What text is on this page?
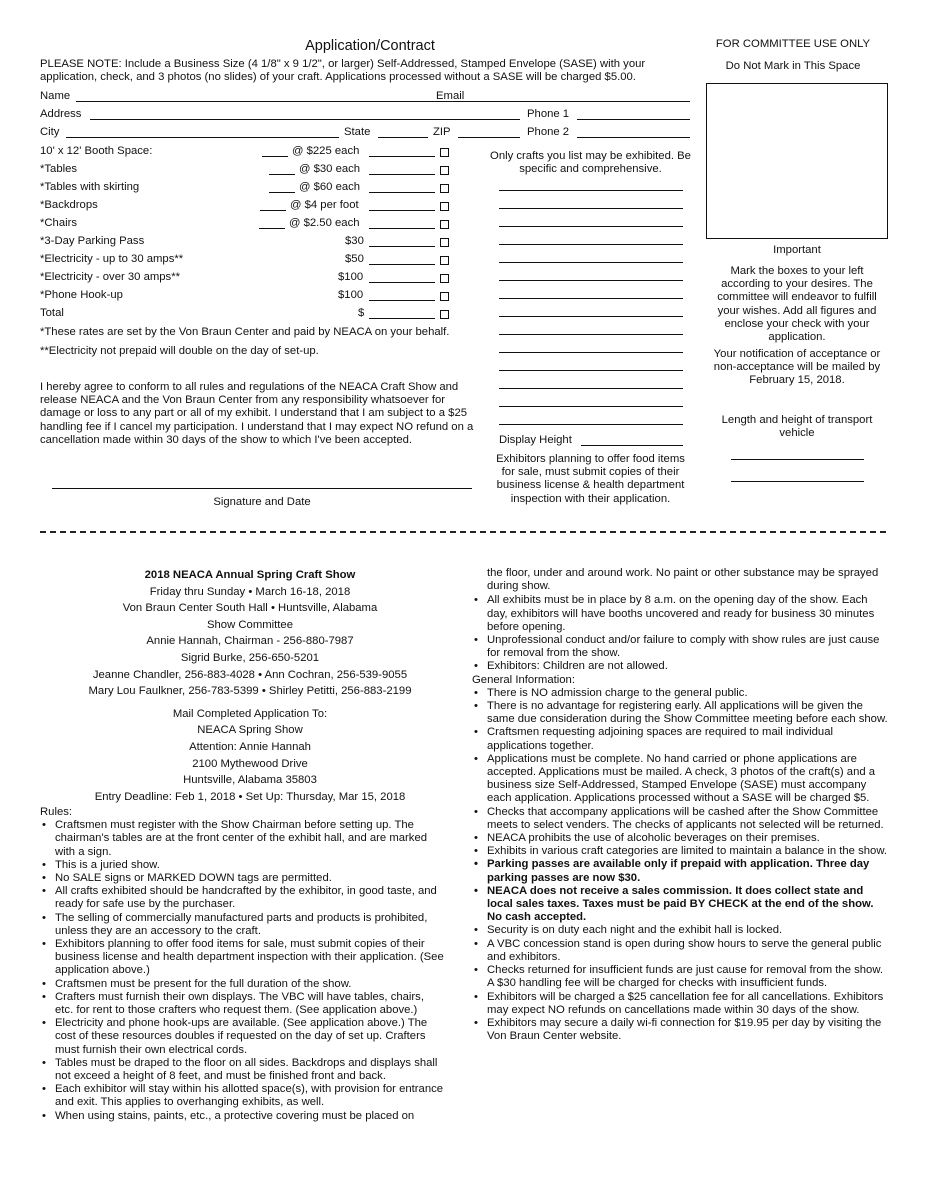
Application/Contract
PLEASE NOTE: Include a Business Size (4 1/8" x 9 1/2", or larger) Self-Addressed, Stamped Envelope (SASE) with your application, check, and 3 photos (no slides) of your craft. Applications processed without a SASE will be charged $5.00.
Name	Email
Address	Phone 1
City	State	ZIP	Phone 2
10' x 12' Booth Space:	@ $225 each
*Tables	@ $30 each
*Tables with skirting	@ $60 each
*Backdrops	@ $4 per foot
*Chairs	@ $2.50 each
*3-Day Parking Pass	$30
*Electricity - up to 30 amps**	$50
*Electricity - over 30 amps**	$100
*Phone Hook-up	$100
Total	$
*These rates are set by the Von Braun Center and paid by NEACA on your behalf.
**Electricity not prepaid will double on the day of set-up.
I hereby agree to conform to all rules and regulations of the NEACA Craft Show and release NEACA and the Von Braun Center from any responsibility whatsoever for damage or loss to any part or all of my exhibit. I understand that I am subject to a $25 handling fee if I cancel my participation. I understand that I may expect NO refund on a cancellation made within 30 days of the show to which I've been accepted.
Signature and Date
Only crafts you list may be exhibited. Be specific and comprehensive.
Display Height
Exhibitors planning to offer food items for sale, must submit copies of their business license & health department inspection with their application.
FOR COMMITTEE USE ONLY
Do Not Mark in This Space
Important
Mark the boxes to your left according to your desires. The committee will endeavor to fulfill your wishes. Add all figures and enclose your check with your application.
Your notification of acceptance or non-acceptance will be mailed by February 15, 2018.
Length and height of transport vehicle
2018 NEACA Annual Spring Craft Show
Friday thru Sunday • March 16-18, 2018
Von Braun Center South Hall • Huntsville, Alabama
Show Committee
Annie Hannah, Chairman - 256-880-7987
Sigrid Burke, 256-650-5201
Jeanne Chandler, 256-883-4028 • Ann Cochran, 256-539-9055
Mary Lou Faulkner, 256-783-5399 • Shirley Petitti, 256-883-2199
Mail Completed Application To:
NEACA Spring Show
Attention: Annie Hannah
2100 Mythewood Drive
Huntsville, Alabama 35803
Entry Deadline: Feb 1, 2018 • Set Up: Thursday, Mar 15, 2018
Rules:
• Craftsmen must register with the Show Chairman before setting up. The chairman's tables are at the front center of the exhibit hall, and are marked with a sign.
• This is a juried show.
• No SALE signs or MARKED DOWN tags are permitted.
• All crafts exhibited should be handcrafted by the exhibitor, in good taste, and ready for safe use by the purchaser.
• The selling of commercially manufactured parts and products is prohibited, unless they are an accessory to the craft.
• Exhibitors planning to offer food items for sale, must submit copies of their business license and health department inspection with their application. (See application above.)
• Craftsmen must be present for the full duration of the show.
• Crafters must furnish their own displays. The VBC will have tables, chairs, etc. for rent to those crafters who request them. (See application above.)
• Electricity and phone hook-ups are available. (See application above.) The cost of these resources doubles if requested on the day of set up. Crafters must furnish their own electrical cords.
• Tables must be draped to the floor on all sides. Backdrops and displays shall not exceed a height of 8 feet, and must be finished front and back.
• Each exhibitor will stay within his allotted space(s), with provision for entrance and exit. This applies to overhanging exhibits, as well.
• When using stains, paints, etc., a protective covering must be placed on
the floor, under and around work. No paint or other substance may be sprayed during show.
• All exhibits must be in place by 8 a.m. on the opening day of the show. Each day, exhibitors will have booths uncovered and ready for business 30 minutes before opening.
• Unprofessional conduct and/or failure to comply with show rules are just cause for removal from the show.
• Exhibitors: Children are not allowed.
General Information:
• There is NO admission charge to the general public.
• There is no advantage for registering early. All applications will be given the same due consideration during the Show Committee meeting before each show.
• Craftsmen requesting adjoining spaces are required to mail individual applications together.
• Applications must be complete. No hand carried or phone applications are accepted. Applications must be mailed. A check, 3 photos of the craft(s) and a business size Self-Addressed, Stamped Envelope (SASE) must accompany each application. Applications processed without a SASE will be charged $5.
• Checks that accompany applications will be cashed after the Show Committee meets to select venders. The checks of applicants not selected will be returned.
• NEACA prohibits the use of alcoholic beverages on their premises.
• Exhibits in various craft categories are limited to maintain a balance in the show.
• Parking passes are available only if prepaid with application. Three day parking passes are now $30.
• NEACA does not receive a sales commission. It does collect state and local sales taxes. Taxes must be paid BY CHECK at the end of the show. No cash accepted.
• Security is on duty each night and the exhibit hall is locked.
• A VBC concession stand is open during show hours to serve the general public and exhibitors.
• Checks returned for insufficient funds are just cause for removal from the show. A $30 handling fee will be charged for checks with insufficient funds.
• Exhibitors will be charged a $25 cancellation fee for all cancellations. Exhibitors may expect NO refunds on cancellations made within 30 days of the show.
• Exhibitors may secure a daily wi-fi connection for $19.95 per day by visiting the Von Braun Center website.
